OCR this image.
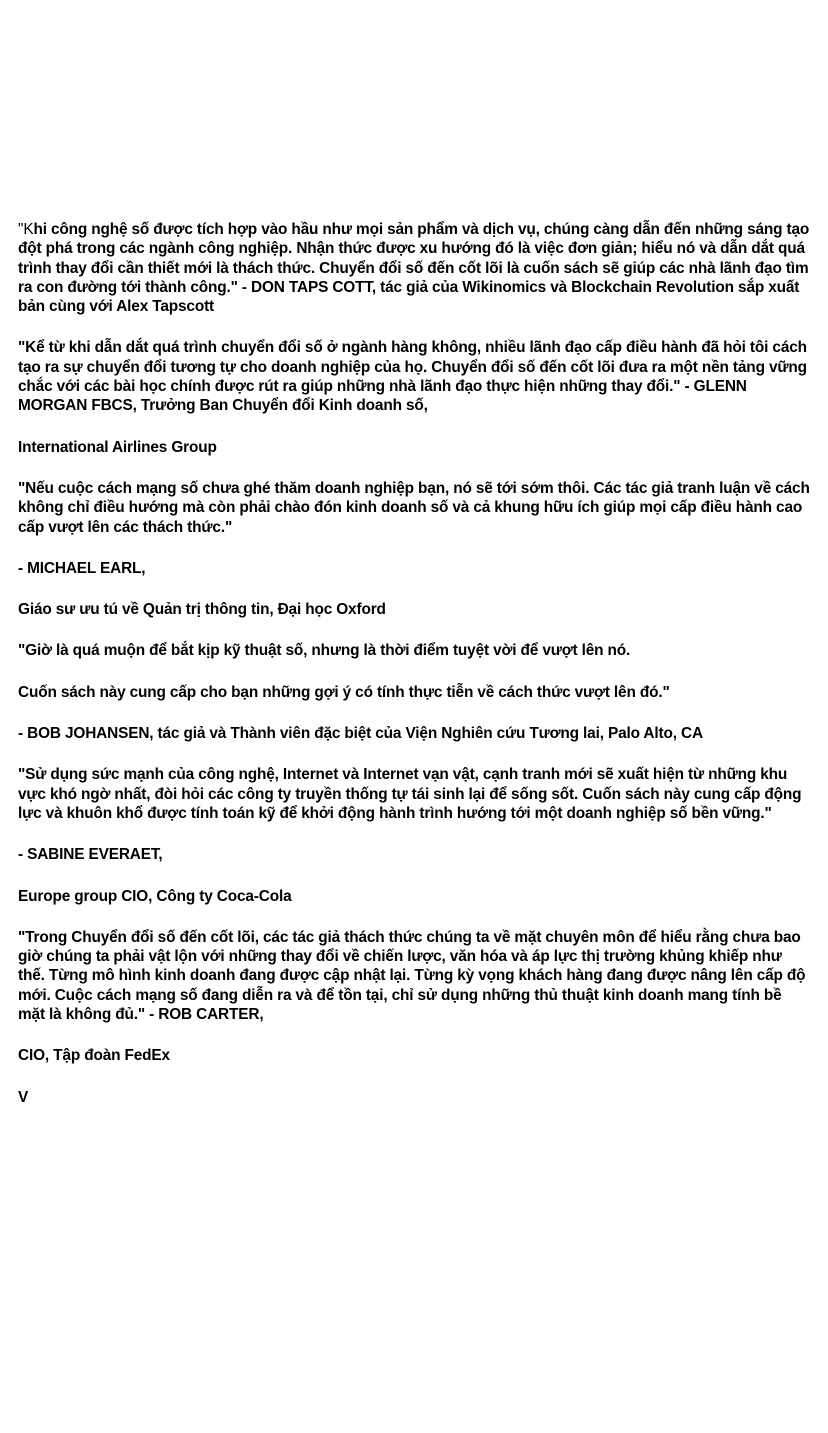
"Khi công nghệ số được tích hợp vào hầu như mọi sản phẩm và dịch vụ, chúng càng dẫn đến những sáng tạo đột phá trong các ngành công nghiệp. Nhận thức được xu hướng đó là việc đơn giản; hiểu nó và dẫn dắt quá trình thay đổi cần thiết mới là thách thức. Chuyển đổi số đến cốt lõi là cuốn sách sẽ giúp các nhà lãnh đạo tìm ra con đường tới thành công." - DON TAPS COTT, tác giả của Wikinomics và Blockchain Revolution sắp xuất bản cùng với Alex Tapscott

"Kể từ khi dẫn dắt quá trình chuyển đổi số ở ngành hàng không, nhiều lãnh đạo cấp điều hành đã hỏi tôi cách tạo ra sự chuyển đổi tương tự cho doanh nghiệp của họ. Chuyển đổi số đến cốt lõi đưa ra một nền tảng vững chắc với các bài học chính được rút ra giúp những nhà lãnh đạo thực hiện những thay đổi." - GLENN MORGAN FBCS, Trưởng Ban Chuyển đổi Kinh doanh số,

International Airlines Group

"Nếu cuộc cách mạng số chưa ghé thăm doanh nghiệp bạn, nó sẽ tới sớm thôi. Các tác giả tranh luận về cách không chỉ điều hướng mà còn phải chào đón kinh doanh số và cả khung hữu ích giúp mọi cấp điều hành cao cấp vượt lên các thách thức."

- MICHAEL EARL,

Giáo sư ưu tú về Quản trị thông tin, Đại học Oxford

"Giờ là quá muộn để bắt kịp kỹ thuật số, nhưng là thời điểm tuyệt vời để vượt lên nó.

Cuốn sách này cung cấp cho bạn những gợi ý có tính thực tiễn về cách thức vượt lên đó."

- BOB JOHANSEN, tác giả và Thành viên đặc biệt của Viện Nghiên cứu Tương lai, Palo Alto, CA

"Sử dụng sức mạnh của công nghệ, Internet và Internet vạn vật, cạnh tranh mới sẽ xuất hiện từ những khu vực khó ngờ nhất, đòi hỏi các công ty truyền thống tự tái sinh lại để sống sốt. Cuốn sách này cung cấp động lực và khuôn khổ được tính toán kỹ để khởi động hành trình hướng tới một doanh nghiệp số bền vững."

- SABINE EVERAET,

Europe group CIO, Công ty Coca-Cola

"Trong Chuyển đổi số đến cốt lõi, các tác giả thách thức chúng ta về mặt chuyên môn để hiểu rằng chưa bao giờ chúng ta phải vật lộn với những thay đổi về chiến lược, văn hóa và áp lực thị trường khủng khiếp như thế. Từng mô hình kinh doanh đang được cập nhật lại. Từng kỳ vọng khách hàng đang được nâng lên cấp độ mới. Cuộc cách mạng số đang diễn ra và để tồn tại, chỉ sử dụng những thủ thuật kinh doanh mang tính bề mặt là không đủ." - ROB CARTER,

CIO, Tập đoàn FedEx

V
